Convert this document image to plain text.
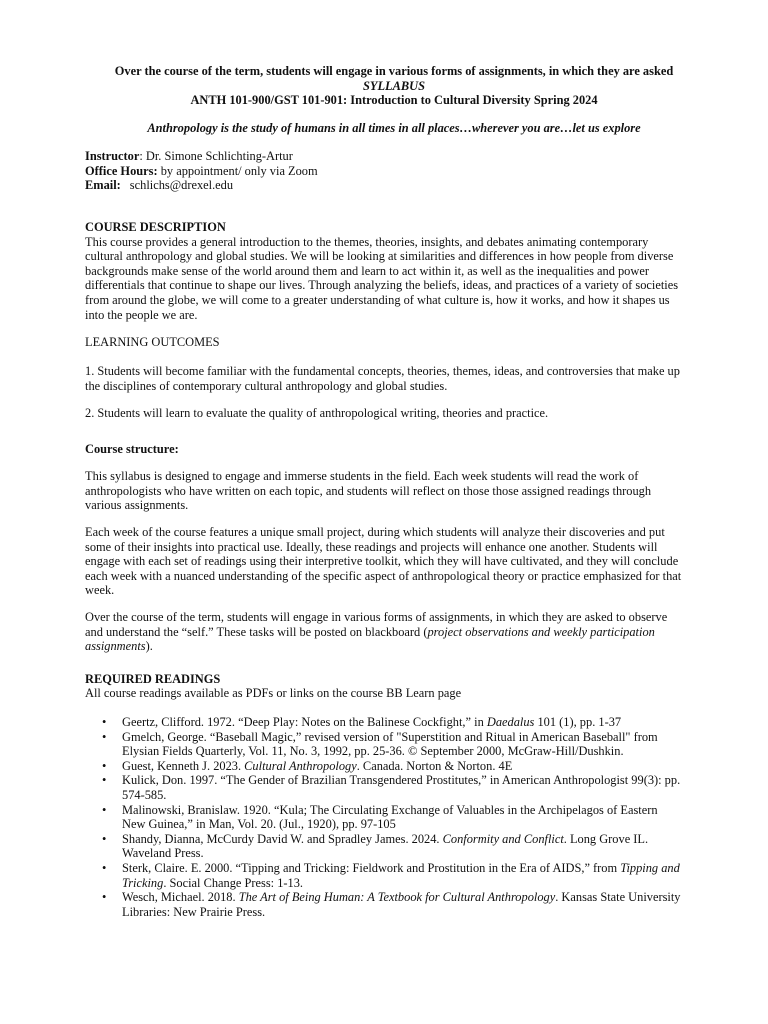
Over the course of the term, students will engage in various forms of assignments, in which they are asked
SYLLABUS
ANTH 101-900/GST 101-901: Introduction to Cultural Diversity Spring 2024
Anthropology is the study of humans in all times in all places…wherever you are…let us explore
Instructor: Dr. Simone Schlichting-Artur
Office Hours: by appointment/ only via Zoom
Email: schlichs@drexel.edu
COURSE DESCRIPTION

This course provides a general introduction to the themes, theories, insights, and debates animating contemporary cultural anthropology and global studies. We will be looking at similarities and differences in how people from diverse backgrounds make sense of the world around them and learn to act within it, as well as the inequalities and power differentials that continue to shape our lives. Through analyzing the beliefs, ideas, and practices of a variety of societies from around the globe, we will come to a greater understanding of what culture is, how it works, and how it shapes us into the people we are.

LEARNING OUTCOMES
1. Students will become familiar with the fundamental concepts, theories, themes, ideas, and controversies that make up the disciplines of contemporary cultural anthropology and global studies.
2. Students will learn to evaluate the quality of anthropological writing, theories and practice.
Course structure:
This syllabus is designed to engage and immerse students in the field. Each week students will read the work of anthropologists who have written on each topic, and students will reflect on those those assigned readings through various assignments.
Each week of the course features a unique small project, during which students will analyze their discoveries and put some of their insights into practical use. Ideally, these readings and projects will enhance one another. Students will engage with each set of readings using their interpretive toolkit, which they will have cultivated, and they will conclude each week with a nuanced understanding of the specific aspect of anthropological theory or practice emphasized for that week.
Over the course of the term, students will engage in various forms of assignments, in which they are asked to observe and understand the “self.” These tasks will be posted on blackboard (project observations and weekly participation assignments).
REQUIRED READINGS
All course readings available as PDFs or links on the course BB Learn page
• Geertz, Clifford. 1972. “Deep Play: Notes on the Balinese Cockfight,” in Daedalus 101 (1), pp. 1-37
• Gmelch, George. “Baseball Magic,” revised version of "Superstition and Ritual in American Baseball" from Elysian Fields Quarterly, Vol. 11, No. 3, 1992, pp. 25-36. © September 2000, McGraw-Hill/Dushkin.
• Guest, Kenneth J. 2023. Cultural Anthropology. Canada. Norton & Norton. 4E
• Kulick, Don. 1997. “The Gender of Brazilian Transgendered Prostitutes,” in American Anthropologist 99(3): pp. 574-585.
• Malinowski, Branislaw. 1920. “Kula; The Circulating Exchange of Valuables in the Archipelagos of Eastern New Guinea,” in Man, Vol. 20. (Jul., 1920), pp. 97-105
• Shandy, Dianna, McCurdy David W. and Spradley James. 2024. Conformity and Conflict. Long Grove IL. Waveland Press.
• Sterk, Claire. E. 2000. “Tipping and Tricking: Fieldwork and Prostitution in the Era of AIDS,” from Tipping and Tricking. Social Change Press: 1-13.
• Wesch, Michael. 2018. The Art of Being Human: A Textbook for Cultural Anthropology. Kansas State University Libraries: New Prairie Press.
